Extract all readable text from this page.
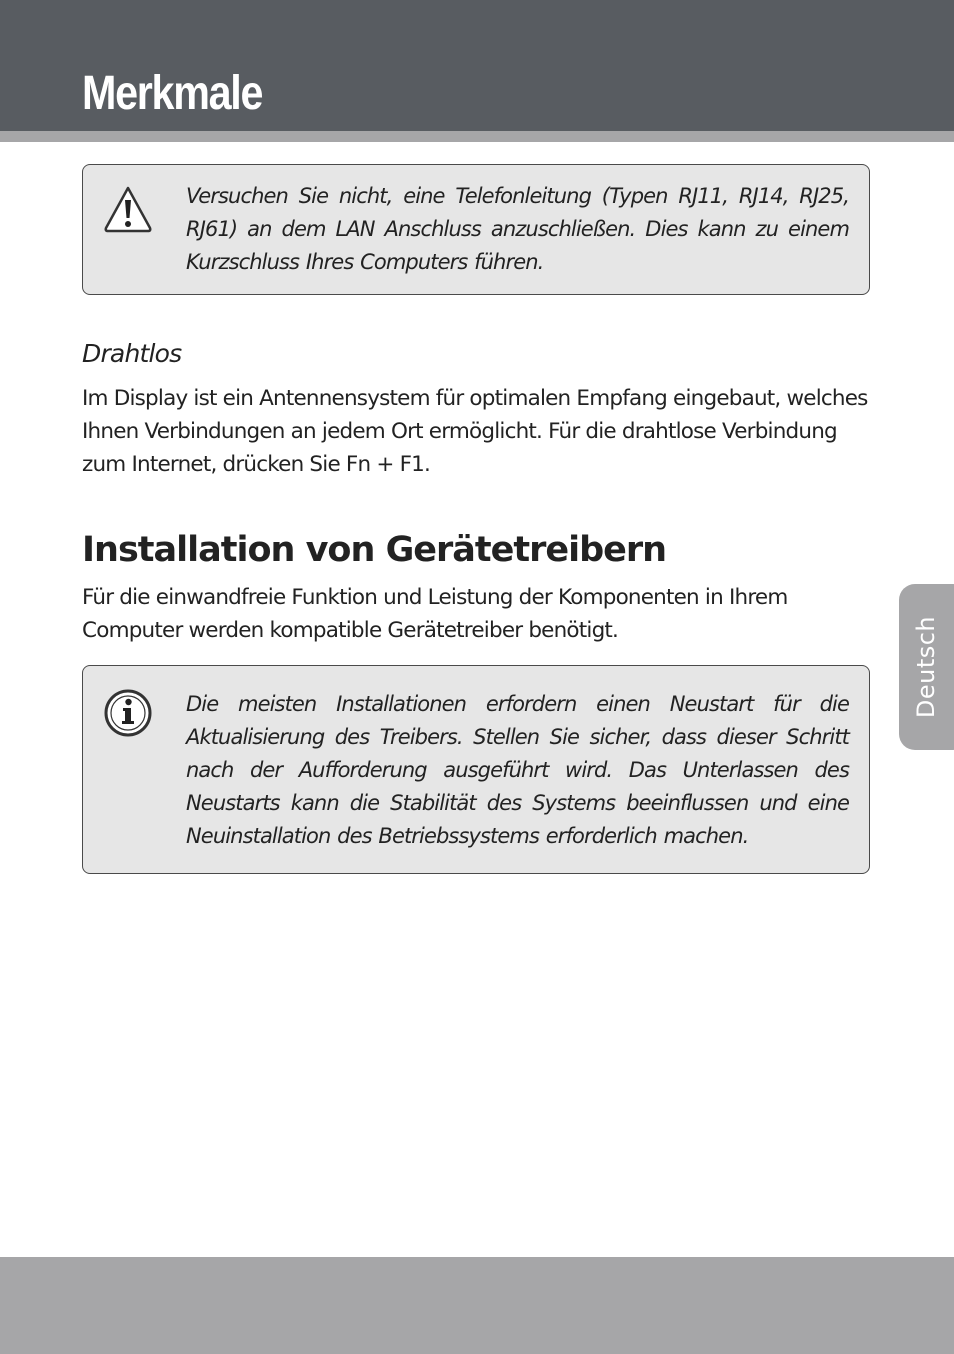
Merkmale

Versuchen Sie nicht, eine Telefonleitung (Typen RJ11, RJ14, RJ25, RJ61) an dem LAN Anschluss anzuschließen. Dies kann zu einem Kurzschluss Ihres Computers führen.

Drahtlos

Im Display ist ein Antennensystem für optimalen Empfang eingebaut, welches Ihnen Verbindungen an jedem Ort ermöglicht. Für die drahtlose Verbindung zum Internet, drücken Sie Fn + F1.

Installation von Gerätetreibern

Für die einwandfreie Funktion und Leistung der Komponenten in Ihrem Computer werden kompatible Gerätetreiber benötigt.

Die meisten Installationen erfordern einen Neustart für die Aktualisierung des Treibers. Stellen Sie sicher, dass dieser Schritt nach der Aufforderung ausgeführt wird. Das Unterlassen des Neustarts kann die Stabilität des Systems beeinflussen und eine Neuinstallation des Betriebssystems erforderlich machen.

Deutsch
